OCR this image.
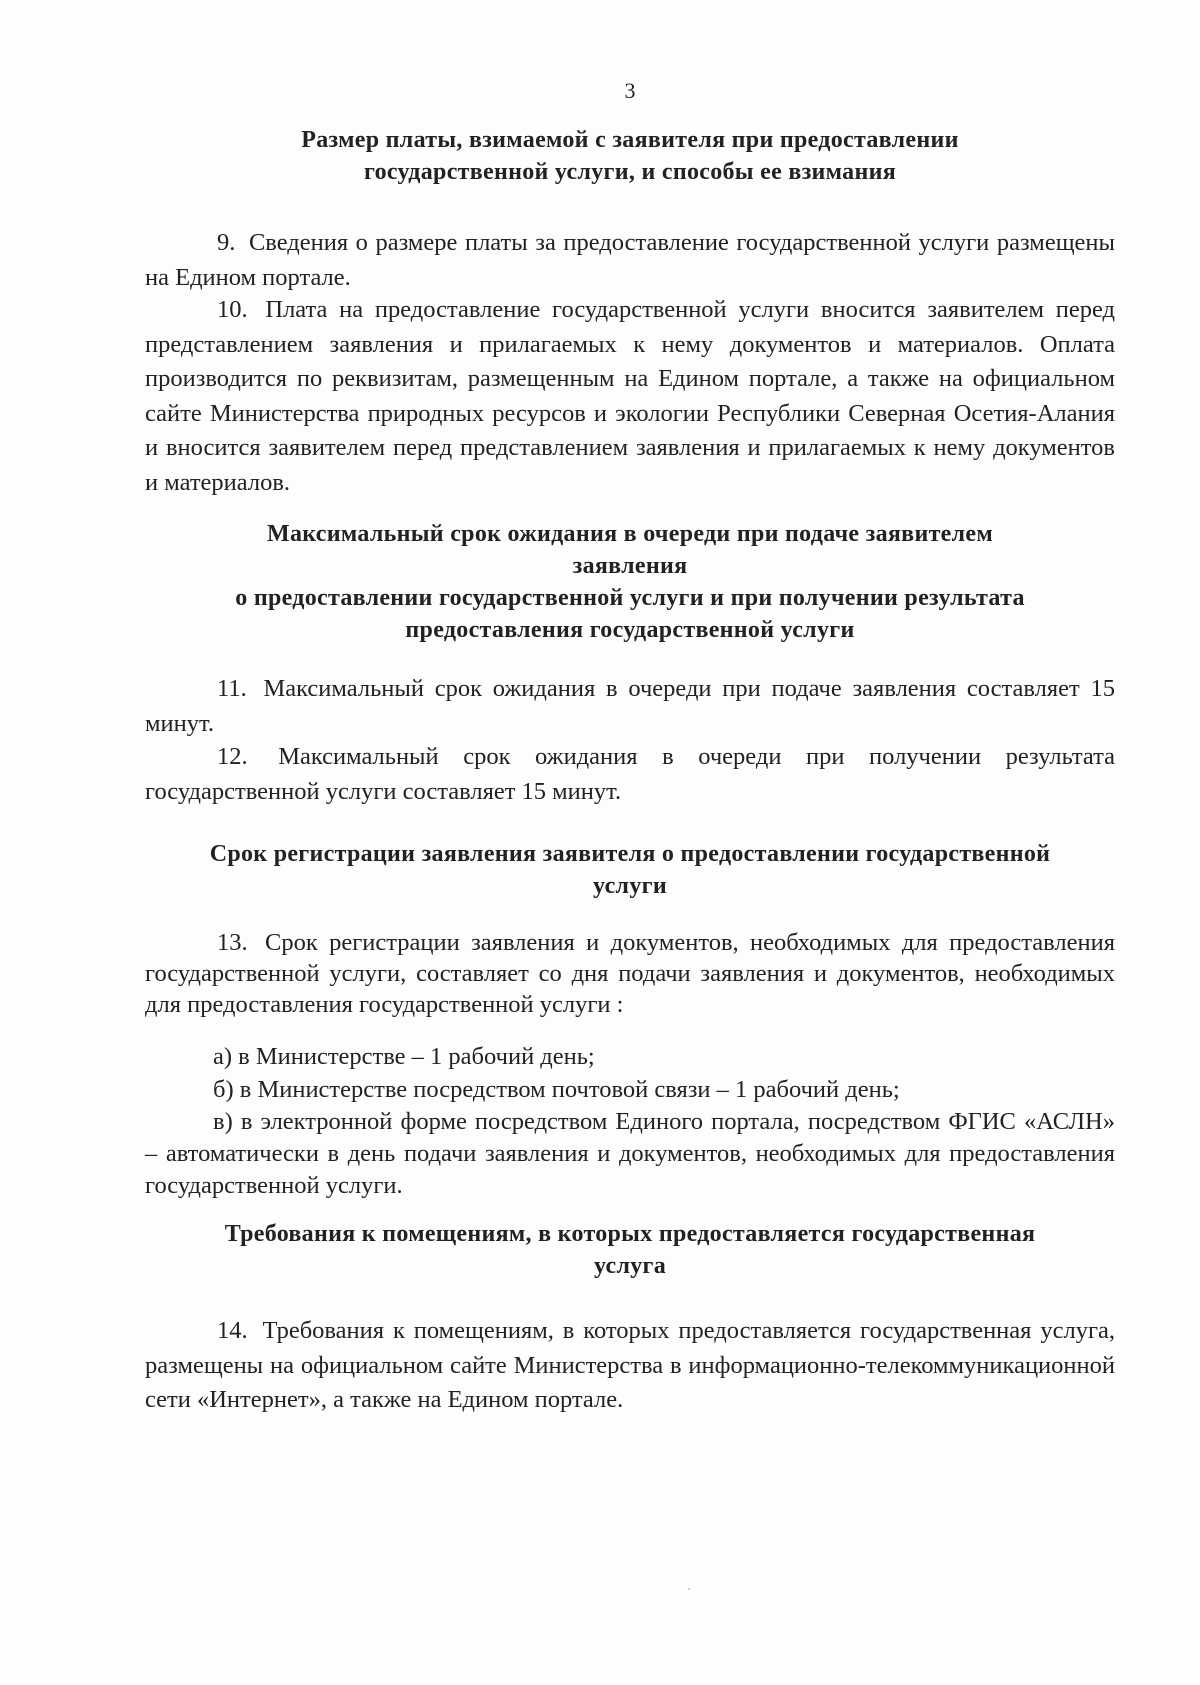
3
Размер платы, взимаемой с заявителя при предоставлении
государственной услуги, и способы ее взимания
9. Сведения о размере платы за предоставление государственной услуги размещены на Едином портале.
10. Плата на предоставление государственной услуги вносится заявителем перед представлением заявления и прилагаемых к нему документов и материалов. Оплата производится по реквизитам, размещенным на Едином портале, а также на официальном сайте Министерства природных ресурсов и экологии Республики Северная Осетия-Алания и вносится заявителем перед представлением заявления и прилагаемых к нему документов и материалов.
Максимальный срок ожидания в очереди при подаче заявителем
заявления
о предоставлении государственной услуги и при получении результата
предоставления государственной услуги
11. Максимальный срок ожидания в очереди при подаче заявления составляет 15 минут.
12. Максимальный срок ожидания в очереди при получении результата государственной услуги составляет 15 минут.
Срок регистрации заявления заявителя о предоставлении государственной
услуги
13. Срок регистрации заявления и документов, необходимых для предоставления государственной услуги, составляет со дня подачи заявления и документов, необходимых для предоставления государственной услуги :
а) в Министерстве – 1 рабочий день;
б) в Министерстве посредством почтовой связи – 1 рабочий день;
в) в электронной форме посредством Единого портала, посредством ФГИС «АСЛН» – автоматически в день подачи заявления и документов, необходимых для предоставления государственной услуги.
Требования к помещениям, в которых предоставляется государственная
услуга
14. Требования к помещениям, в которых предоставляется государственная услуга, размещены на официальном сайте Министерства в информационно-телекоммуникационной сети «Интернет», а также на Едином портале.
